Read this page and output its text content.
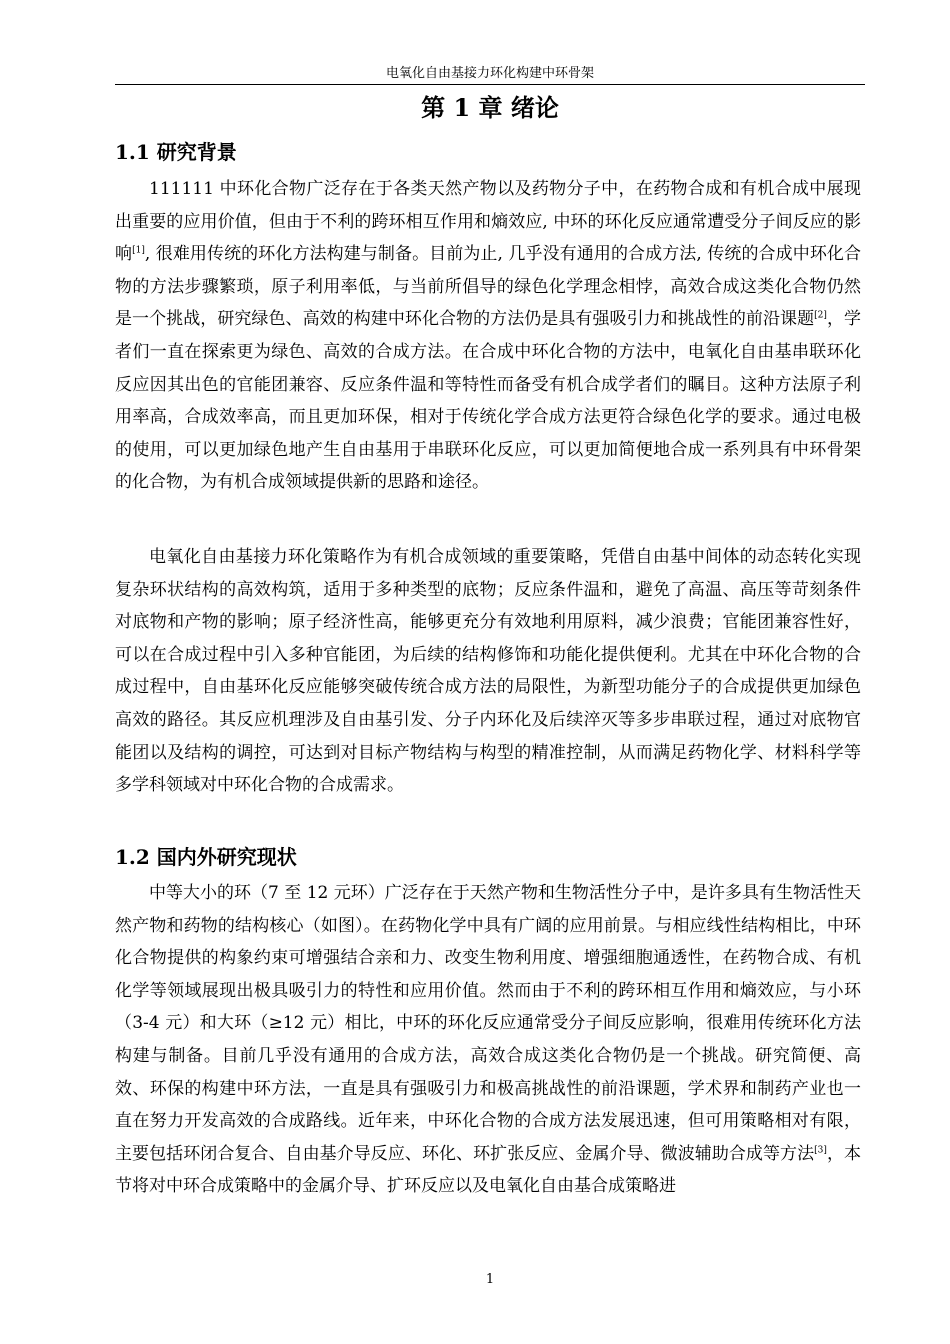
电氧化自由基接力环化构建中环骨架
第 1 章 绪论
1.1 研究背景

111111 中环化合物广泛存在于各类天然产物以及药物分子中，在药物合成和有机合成中展现出重要的应用价值，但由于不利的跨环相互作用和熵效应, 中环的环化反应通常遭受分子间反应的影响[1], 很难用传统的环化方法构建与制备。目前为止, 几乎没有通用的合成方法, 传统的合成中环化合物的方法步骤繁琐，原子利用率低，与当前所倡导的绿色化学理念相悖，高效合成这类化合物仍然是一个挑战，研究绿色、高效的构建中环化合物的方法仍是具有强吸引力和挑战性的前沿课题[2]，学者们一直在探索更为绿色、高效的合成方法。在合成中环化合物的方法中，电氧化自由基串联环化反应因其出色的官能团兼容、反应条件温和等特性而备受有机合成学者们的瞩目。这种方法原子利用率高，合成效率高，而且更加环保，相对于传统化学合成方法更符合绿色化学的要求。通过电极的使用，可以更加绿色地产生自由基用于串联环化反应，可以更加简便地合成一系列具有中环骨架的化合物，为有机合成领域提供新的思路和途径。

电氧化自由基接力环化策略作为有机合成领域的重要策略，凭借自由基中间体的动态转化实现复杂环状结构的高效构筑，适用于多种类型的底物；反应条件温和，避免了高温、高压等苛刻条件对底物和产物的影响；原子经济性高，能够更充分有效地利用原料，减少浪费；官能团兼容性好，可以在合成过程中引入多种官能团，为后续的结构修饰和功能化提供便利。尤其在中环化合物的合成过程中，自由基环化反应能够突破传统合成方法的局限性，为新型功能分子的合成提供更加绿色高效的路径。其反应机理涉及自由基引发、分子内环化及后续淬灭等多步串联过程，通过对底物官能团以及结构的调控，可达到对目标产物结构与构型的精准控制，从而满足药物化学、材料科学等多学科领域对中环化合物的合成需求。

1.2 国内外研究现状

中等大小的环（7 至 12 元环）广泛存在于天然产物和生物活性分子中，是许多具有生物活性天然产物和药物的结构核心（如图）。在药物化学中具有广阔的应用前景。与相应线性结构相比，中环化合物提供的构象约束可增强结合亲和力、改变生物利用度、增强细胞通透性，在药物合成、有机化学等领域展现出极具吸引力的特性和应用价值。然而由于不利的跨环相互作用和熵效应，与小环（3-4 元）和大环（≥12 元）相比，中环的环化反应通常受分子间反应影响，很难用传统环化方法构建与制备。目前几乎没有通用的合成方法，高效合成这类化合物仍是一个挑战。研究简便、高效、环保的构建中环方法，一直是具有强吸引力和极高挑战性的前沿课题，学术界和制药产业也一直在努力开发高效的合成路线。近年来，中环化合物的合成方法发展迅速，但可用策略相对有限，主要包括环闭合复合、自由基介导反应、环化、环扩张反应、金属介导、微波辅助合成等方法[3]，本节将对中环合成策略中的金属介导、扩环反应以及电氧化自由基合成策略进

1
